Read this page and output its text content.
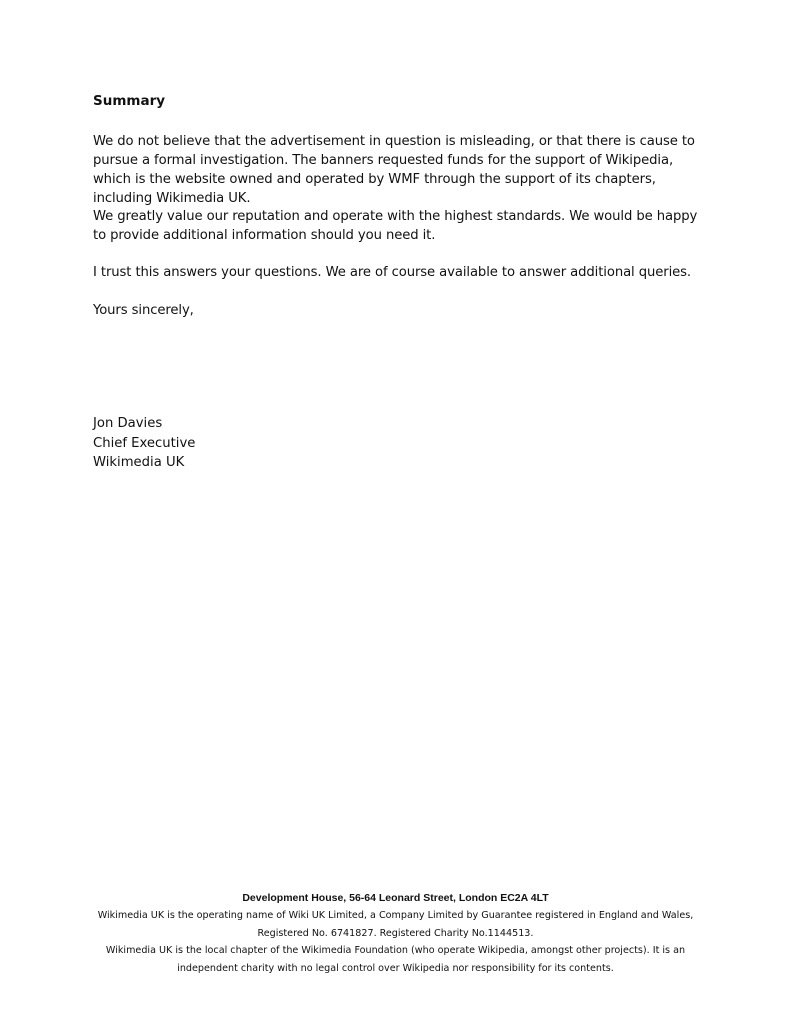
Summary
We do not believe that the advertisement in question is misleading, or that there is cause to pursue a formal investigation. The banners requested funds for the support of Wikipedia, which is the website owned and operated by WMF through the support of its chapters, including Wikimedia UK.
We greatly value our reputation and operate with the highest standards. We would be happy to provide additional information should you need it.
I trust this answers your questions. We are of course available to answer additional queries.
Yours sincerely,
Jon Davies
Chief Executive
Wikimedia UK
Development House, 56-64 Leonard Street, London EC2A 4LT
Wikimedia UK is the operating name of Wiki UK Limited, a Company Limited by Guarantee registered in England and Wales,
Registered No. 6741827. Registered Charity No.1144513.
Wikimedia UK is the local chapter of the Wikimedia Foundation (who operate Wikipedia, amongst other projects). It is an
independent charity with no legal control over Wikipedia nor responsibility for its contents.
